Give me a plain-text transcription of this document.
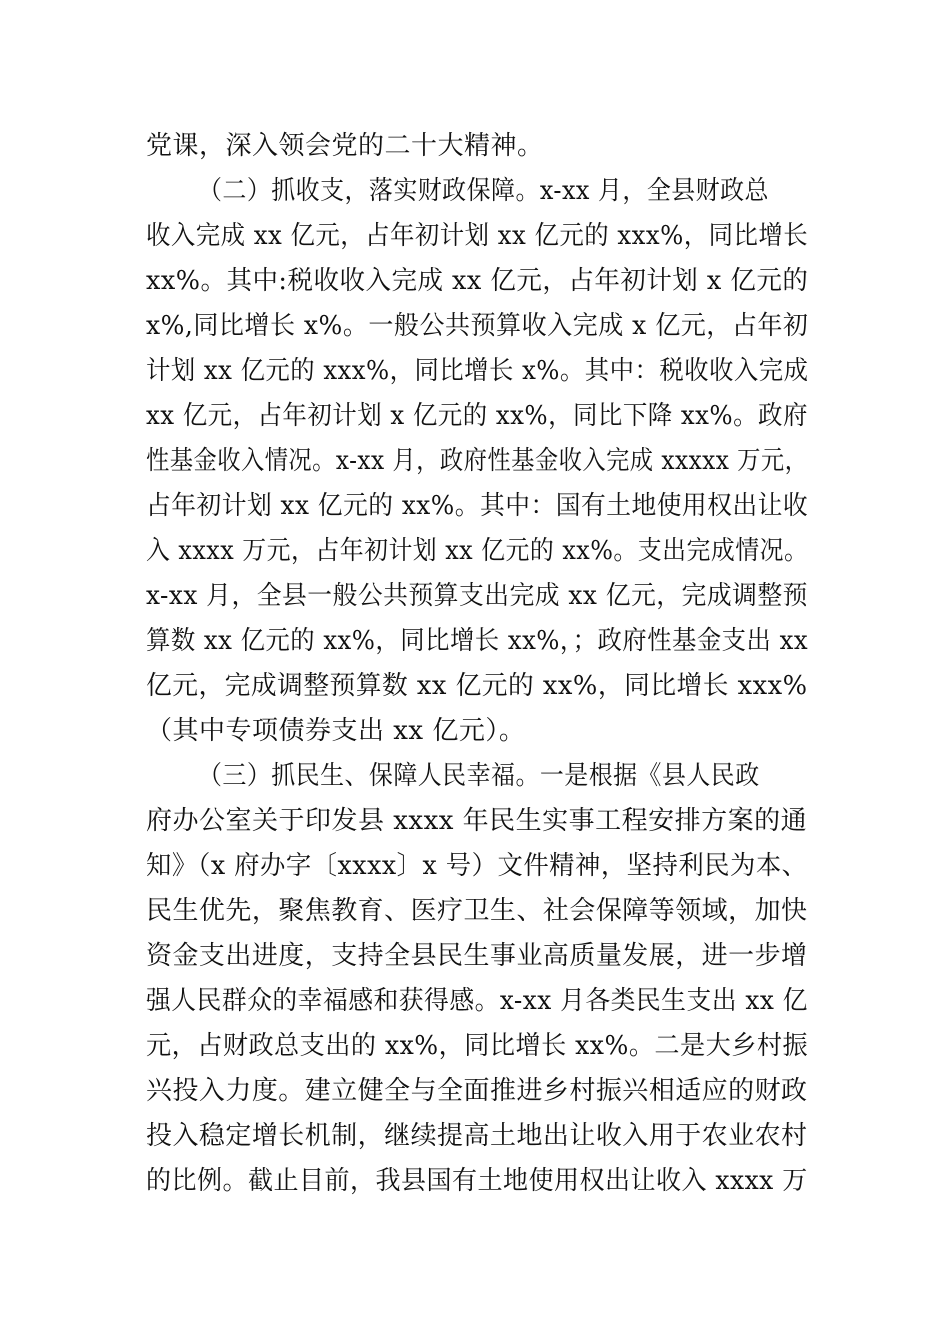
党课，深入领会党的二十大精神。
（二）抓收支，落实财政保障。x-xx 月，全县财政总
收入完成 xx 亿元，占年初计划 xx 亿元的 xxx%，同比增长
xx%。其中:税收收入完成 xx 亿元，占年初计划 x 亿元的
x%,同比增长 x%。一般公共预算收入完成 x 亿元，占年初
计划 xx 亿元的 xxx%，同比增长 x%。其中：税收收入完成
xx 亿元，占年初计划 x 亿元的 xx%，同比下降 xx%。政府
性基金收入情况。x-xx 月，政府性基金收入完成 xxxxx 万元，
占年初计划 xx 亿元的 xx%。其中：国有土地使用权出让收
入 xxxx 万元，占年初计划 xx 亿元的 xx%。支出完成情况。
x-xx 月，全县一般公共预算支出完成 xx 亿元，完成调整预
算数 xx 亿元的 xx%，同比增长 xx%，；政府性基金支出 xx
亿元，完成调整预算数 xx 亿元的 xx%，同比增长 xxx%
（其中专项债券支出 xx 亿元）。
（三）抓民生、保障人民幸福。一是根据《县人民政
府办公室关于印发县 xxxx 年民生实事工程安排方案的通
知》（x 府办字〔xxxx〕x 号）文件精神，坚持利民为本、
民生优先，聚焦教育、医疗卫生、社会保障等领域，加快
资金支出进度，支持全县民生事业高质量发展，进一步增
强人民群众的幸福感和获得感。x-xx 月各类民生支出 xx 亿
元，占财政总支出的 xx%，同比增长 xx%。二是大乡村振
兴投入力度。建立健全与全面推进乡村振兴相适应的财政
投入稳定增长机制，继续提高土地出让收入用于农业农村
的比例。截止目前，我县国有土地使用权出让收入 xxxx 万
